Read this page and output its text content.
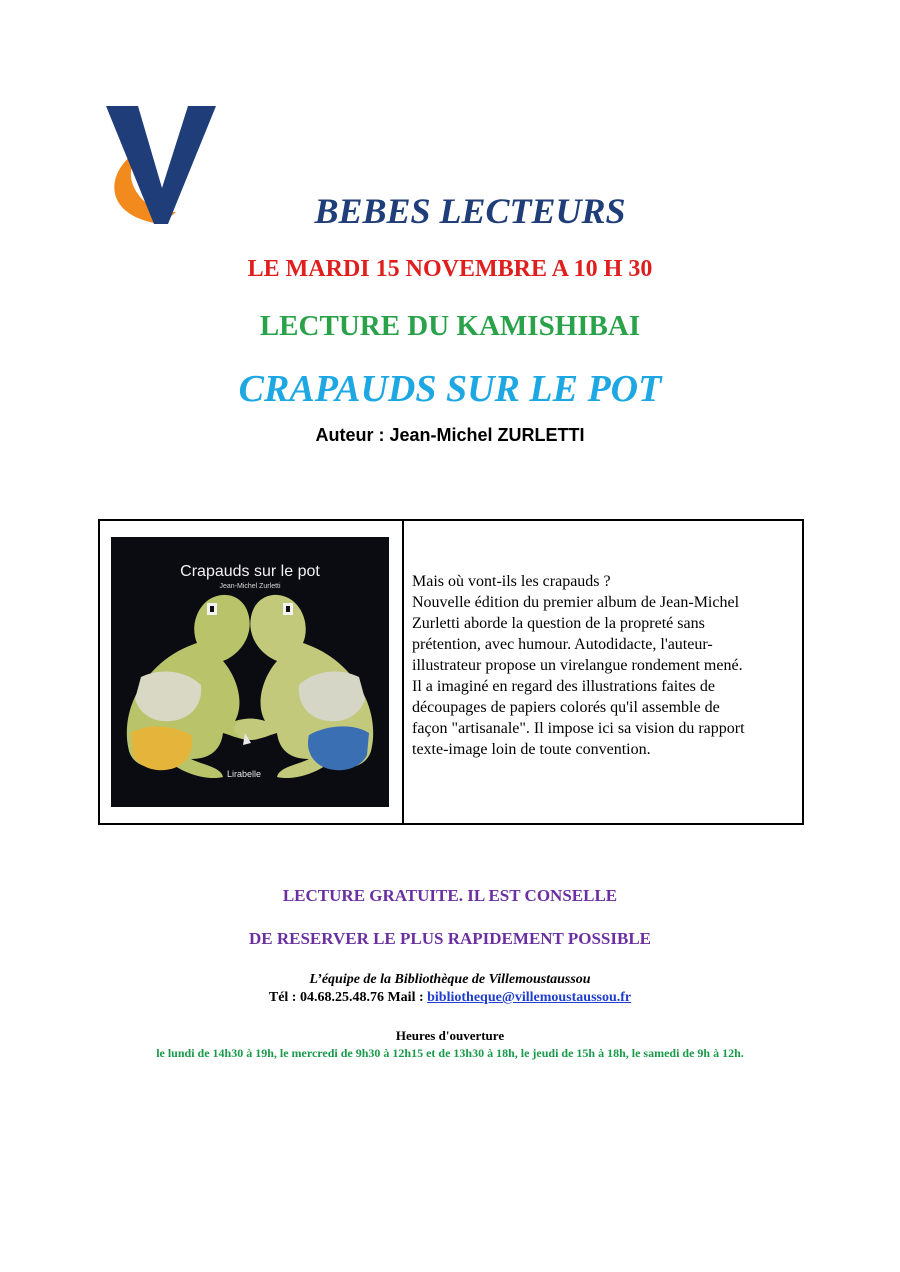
BEBES LECTEURS
LE MARDI 15 NOVEMBRE A 10 H 30
LECTURE DU KAMISHIBAI
CRAPAUDS SUR LE POT
Auteur : Jean-Michel ZURLETTI
Crapauds sur le pot
Jean-Michel Zurletti
Lirabelle

Mais où vont-ils les crapauds ?

Nouvelle édition du premier album de Jean-Michel

Zurletti aborde la question de la propreté sans

prétention, avec humour. Autodidacte, l'auteur-

illustrateur propose un virelangue rondement mené.

Il a imaginé en regard des illustrations faites de

découpages de papiers colorés qu'il assemble de

façon "artisanale". Il impose ici sa vision du rapport

texte-image loin de toute convention.

LECTURE GRATUITE. IL EST CONSELLE
DE RESERVER LE PLUS RAPIDEMENT POSSIBLE
L’équipe de la Bibliothèque de Villemoustaussou
Tél : 04.68.25.48.76 Mail : bibliotheque@villemoustaussou.fr
Heures d'ouverture
le lundi de 14h30 à 19h, le mercredi de 9h30 à 12h15 et de 13h30 à 18h, le jeudi de 15h à 18h, le samedi de 9h à 12h.
